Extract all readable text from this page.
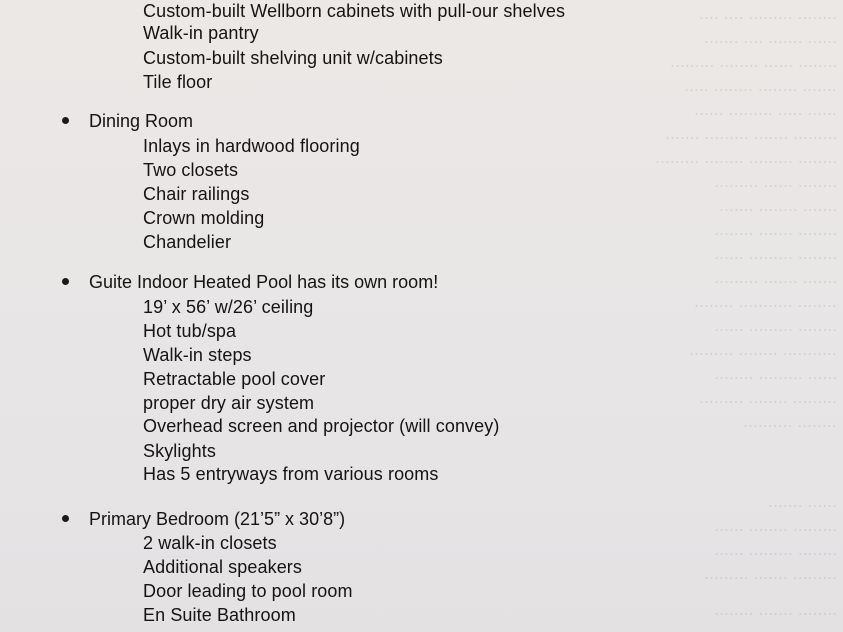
........ ......... .... ....
...... ....... .... .......
........ ...... ........ .........
....... ........ ........ .....
...... ..... ......... ......
......... ....... ......... .......
........ ......... ........ .........
........ ...... .........
....... ........ .......
........ ....... ........
........ ......... ......
....... ....... .........
........ ........... ........
........ ......... ......
........... ........ .........
...... ......... ........
......... ........ .........
........ ..........
...... .......
......... ........ ......
........ ......... ......
......... ....... .........
........ ....... ........
Custom-built Wellborn cabinets with pull-our shelves
Walk-in pantry
Custom-built shelving unit w/cabinets
Tile floor
Dining Room
Inlays in hardwood flooring
Two closets
Chair railings
Crown molding
Chandelier
Guite Indoor Heated Pool has its own room!
19’ x 56’ w/26’ ceiling
Hot tub/spa
Walk-in steps
Retractable pool cover
proper dry air system
Overhead screen and projector (will convey)
Skylights
Has 5 entryways from various rooms
Primary Bedroom (21’5” x 30’8”)
2 walk-in closets
Additional speakers
Door leading to pool room
En Suite Bathroom
